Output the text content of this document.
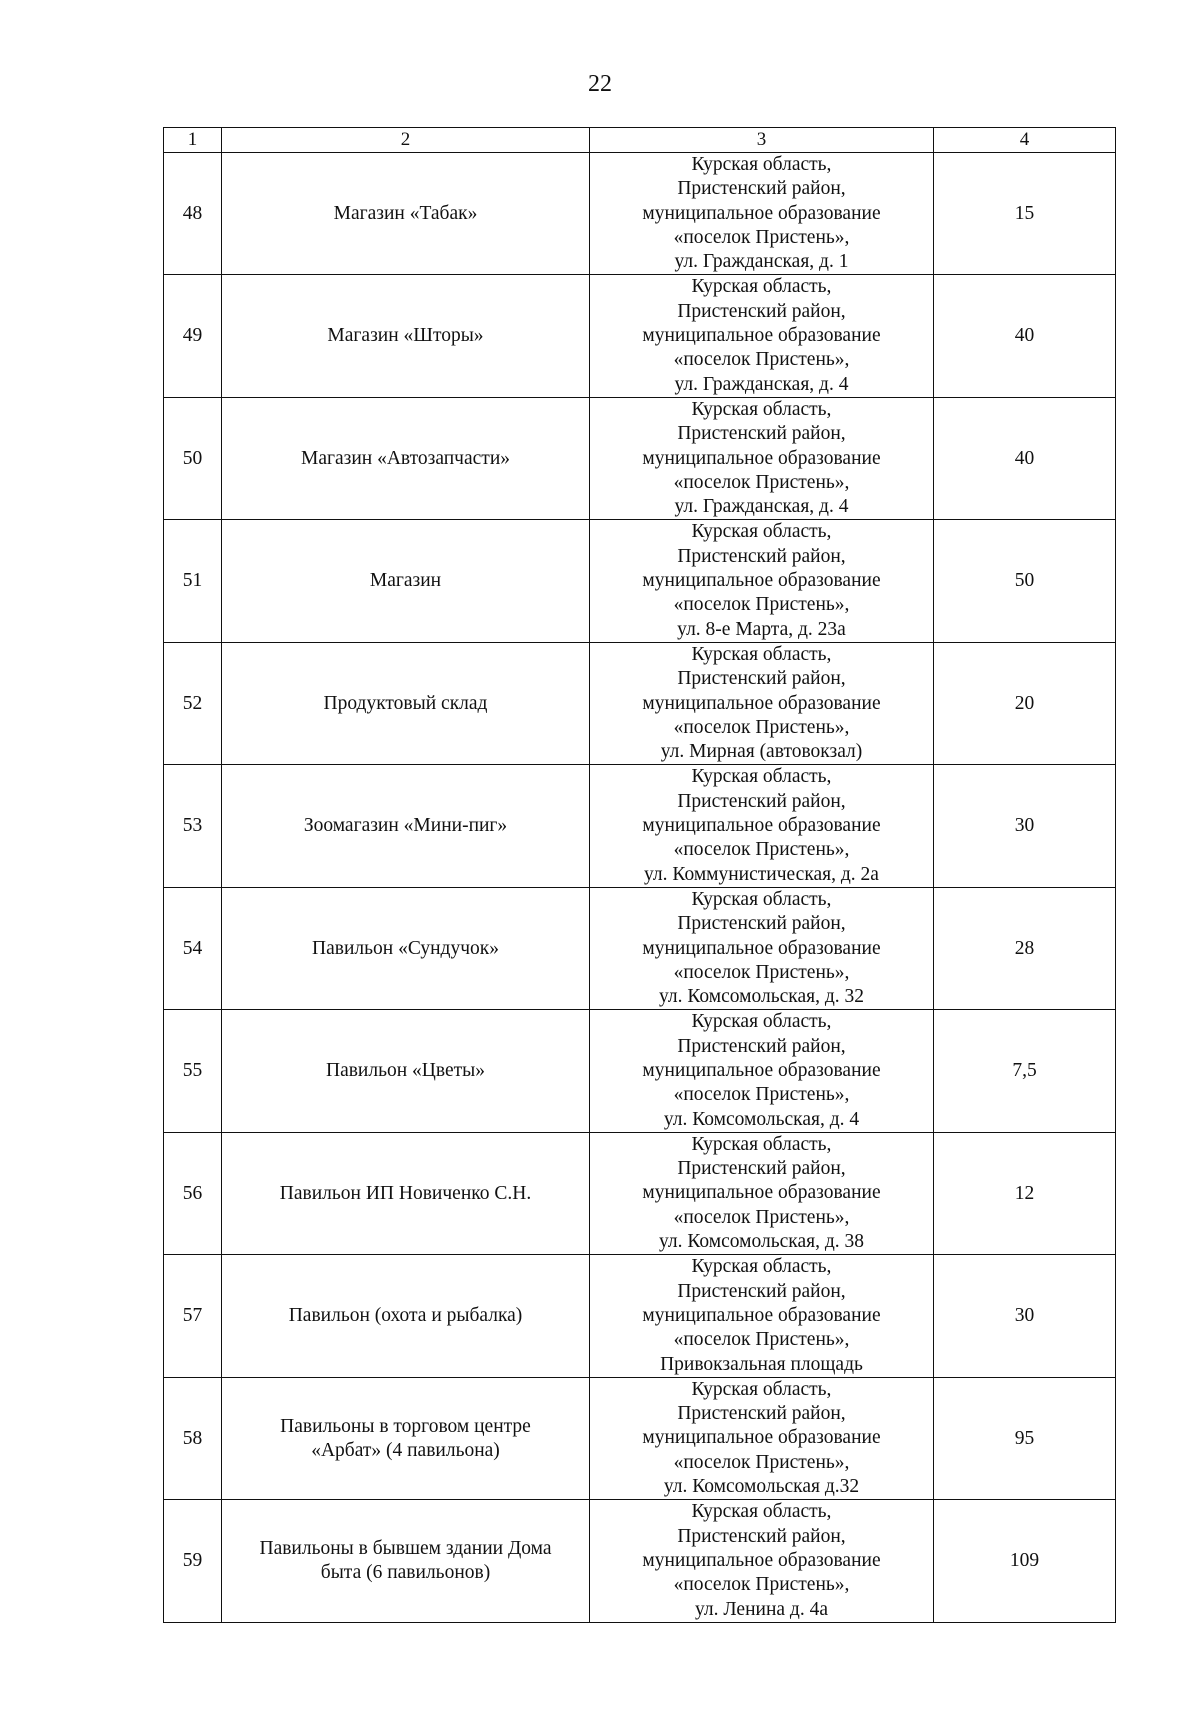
22
1	2	3	4
48	Магазин «Табак»	Курская область,
Пристенский район,
муниципальное образование
«поселок Пристень»,
ул. Гражданская, д. 1	15
49	Магазин «Шторы»	Курская область,
Пристенский район,
муниципальное образование
«поселок Пристень»,
ул. Гражданская, д. 4	40
50	Магазин «Автозапчасти»	Курская область,
Пристенский район,
муниципальное образование
«поселок Пристень»,
ул. Гражданская, д. 4	40
51	Магазин	Курская область,
Пристенский район,
муниципальное образование
«поселок Пристень»,
ул. 8-е Марта, д. 23а	50
52	Продуктовый склад	Курская область,
Пристенский район,
муниципальное образование
«поселок Пристень»,
ул. Мирная (автовокзал)	20
53	Зоомагазин «Мини-пиг»	Курская область,
Пристенский район,
муниципальное образование
«поселок Пристень»,
ул. Коммунистическая, д. 2а	30
54	Павильон «Сундучок»	Курская область,
Пристенский район,
муниципальное образование
«поселок Пристень»,
ул. Комсомольская, д. 32	28
55	Павильон «Цветы»	Курская область,
Пристенский район,
муниципальное образование
«поселок Пристень»,
ул. Комсомольская, д. 4	7,5
56	Павильон ИП Новиченко С.Н.	Курская область,
Пристенский район,
муниципальное образование
«поселок Пристень»,
ул. Комсомольская, д. 38	12
57	Павильон (охота и рыбалка)	Курская область,
Пристенский район,
муниципальное образование
«поселок Пристень»,
Привокзальная площадь	30
58	Павильоны в торговом центре
«Арбат» (4 павильона)	Курская область,
Пристенский район,
муниципальное образование
«поселок Пристень»,
ул. Комсомольская д.32	95
59	Павильоны в бывшем здании Дома
быта (6 павильонов)	Курская область,
Пристенский район,
муниципальное образование
«поселок Пристень»,
ул. Ленина д. 4а	109
